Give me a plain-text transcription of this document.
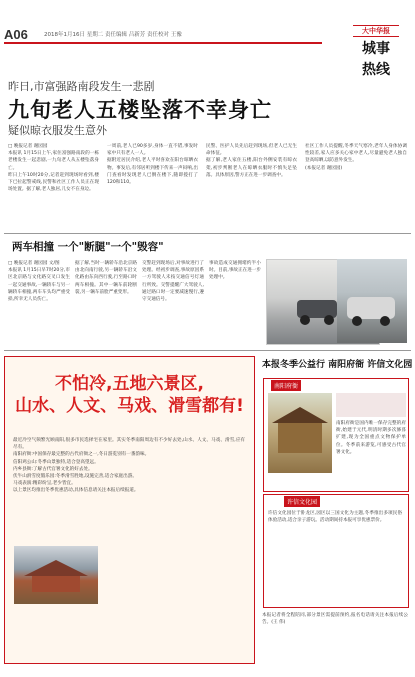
A06	2018年1月16日 星期二 责任编辑 吕新芳 责任校对 王豫	大中华报
城事
热线
昨日,市富强路南段发生一悲剧
九旬老人五楼坠落不幸身亡
疑似晾衣服发生意外
□ 晚报记者 谢园园
本报讯 1月15日上午,家住富强路南段的一栋老楼发生一起悲剧,一九旬老人从五楼坠落身亡。
昨日上午10时20分,记者赶到现场时看到,楼下已拉起警戒线,民警和社区工作人员正在现场处置。据了解,老人独居,儿女不在身边。
一周前,老人已90多岁,身体一直不错,事发时家中只有老人一人。
据附近居民介绍,老人平时喜欢在阳台晾晒衣物。事发后,有邻居听到楼下传来一声闷响,出门查看时发现老人已倒在楼下,随即拨打了120和110。
民警、医护人员先后赶到现场,但老人已无生命体征。
据了解,老人家住五楼,阳台外侧安装有晾衣架,初步判断老人在晾晒衣服时不慎失足坠落。具体原因,警方正在进一步调查中。
社区工作人员提醒,冬季天气寒冷,老年人身体协调性较差,家人应多关心家中老人,尽量避免老人独自登高晾晒,以防意外发生。
(本报记者 谢园园)
两车相撞 一个"断腿"一个"毁容"
□ 晚报记者 谢园园 文/图
本报讯 1月15日早7时20分,市区北京路与文化路交叉口发生一起交通事故,一辆轿车与另一辆轿车相撞,两车车头均严重受损,所幸无人员伤亡。
据了解,当时一辆轿车沿北京路由北向南行驶,另一辆轿车沿文化路由东向西行驶,行至路口时两车相撞。其中一辆车前轮断裂,另一辆车前脸严重变形。
交警赶到现场后,对事故进行了处理。经初步调查,事故原因系一方驾驶人未按交通信号灯通行所致。交警提醒广大驾驶人,通过路口时一定要减速慢行,遵守交通信号。
事故造成交通拥堵约半小时。目前,事故正在进一步处理中。
不怕冷,五地六景区,
山水、人文、马戏、滑雪都有!
最近冷空气频繁光顾南阳,很多市民选择宅在家里。其实冬季南阳周边有不少好去处,山水、人文、马戏、滑雪,应有尽有。
南阳府衙:中国保存最完整的古代府衙之一,冬日游览别有一番韵味。
信阳鸡公山:冬季山景独特,适合登高望远。
内乡县衙:了解古代官署文化的好去处。
伏牛山滑雪度假乐园:冬季滑雪胜地,设施完善,适合家庭出游。
马戏表演:精彩纷呈,老少皆宜。
以上景区均推出冬季优惠活动,具体信息请关注本报后续报道。
本报冬季公益行 南阳府衙 许信文化园
南阳府衙
南阳府衙是国内唯一保存完整的府衙,始建于元代,明清时期多次修葺扩建,现为全国重点文物保护单位。冬季前来游览,可感受古代官署文化。
许信文化园
许信文化园位于卧龙区,园区以三国文化为主题,冬季推出多项民俗体验活动,适合亲子游玩。活动期间持本报可享优惠票价。
本报记者将全程陪同,部分景区需提前预约,报名电话请关注本报后续公告。(王 伟)
